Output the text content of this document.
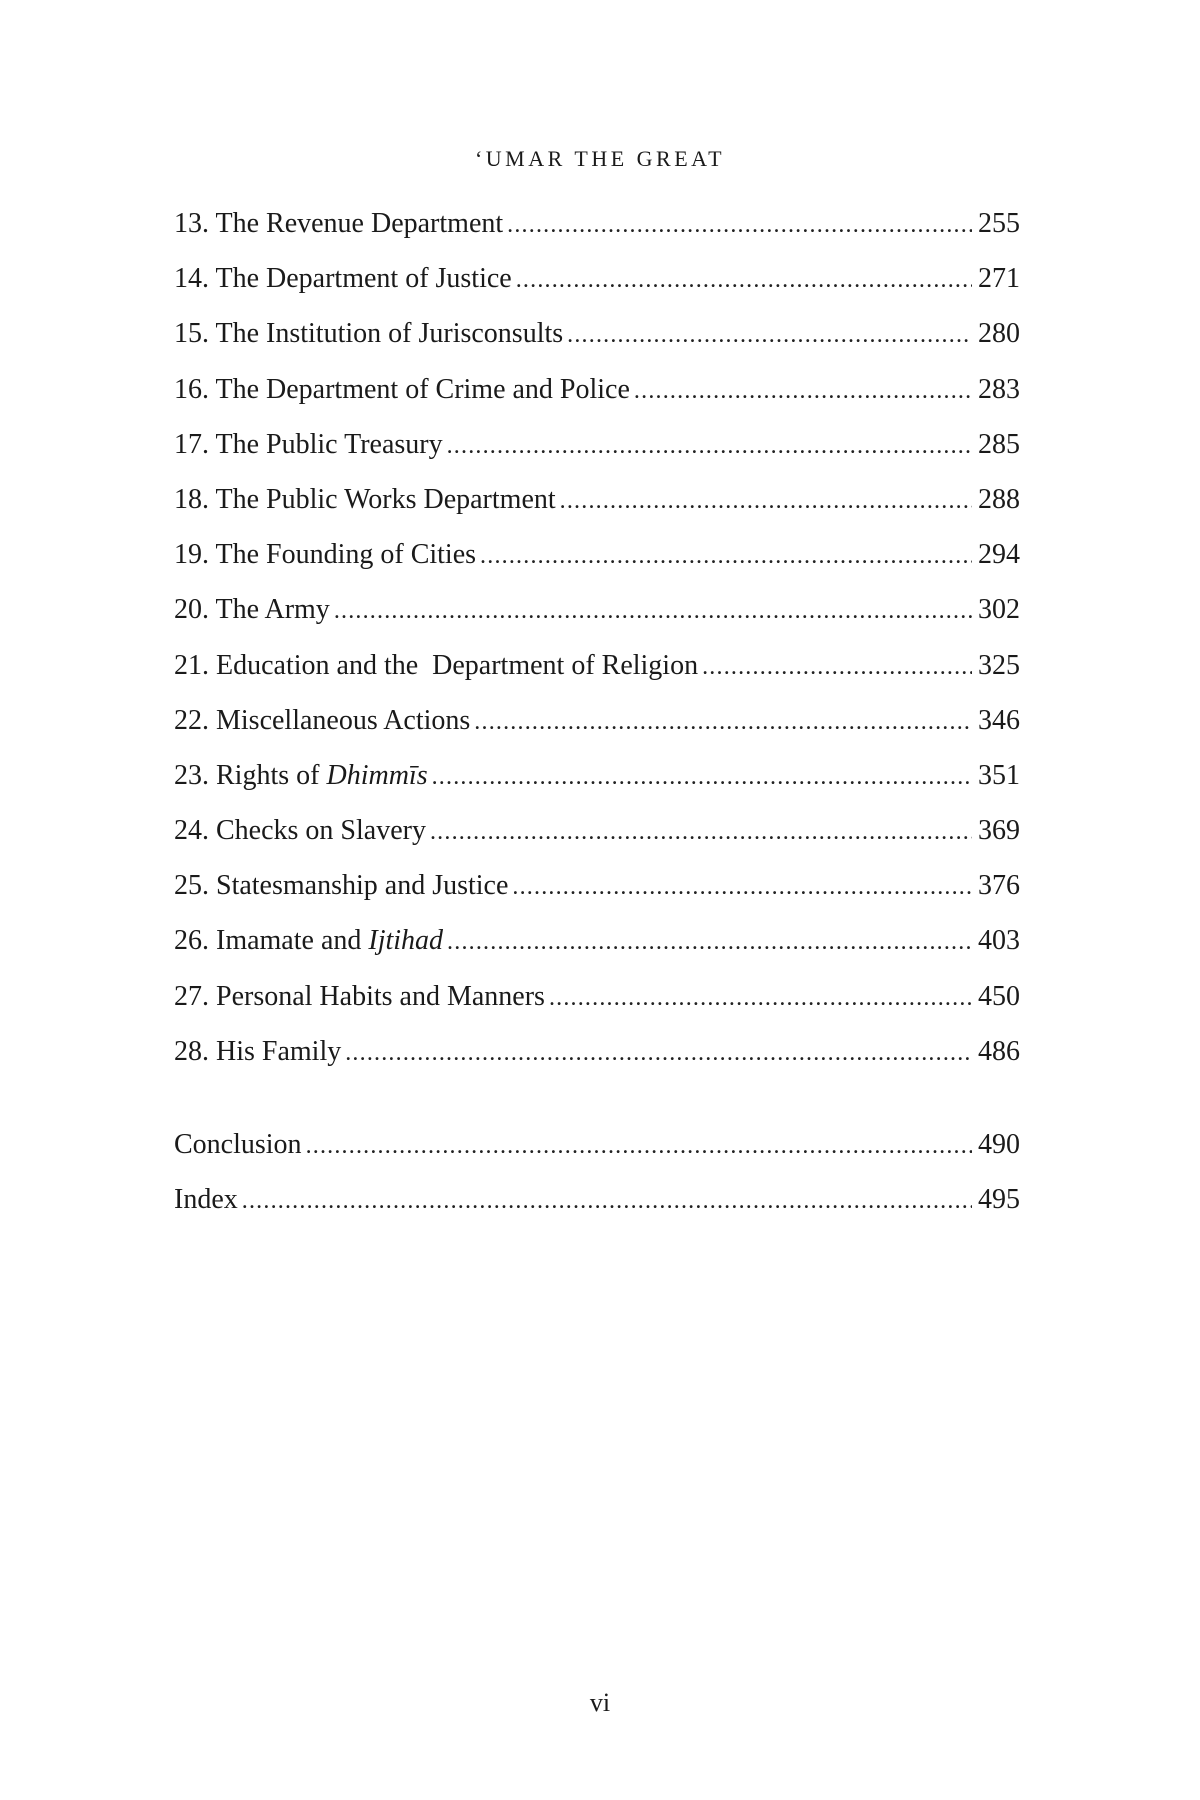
‘UMAR THE GREAT
13. The Revenue Department .....	255
14. The Department of Justice .....	271
15. The Institution of Jurisconsults .....	280
16. The Department of Crime and Police .....	283
17. The Public Treasury .....	285
18. The Public Works Department .....	288
19. The Founding of Cities .....	294
20. The Army .....	302
21. Education and the  Department of Religion .....	325
22. Miscellaneous Actions .....	346
23. Rights of Dhimmīs .....	351
24. Checks on Slavery .....	369
25. Statesmanship and Justice .....	376
26. Imamate and Ijtihad .....	403
27. Personal Habits and Manners .....	450
28. His Family .....	486
Conclusion .....	490
Index .....	495
vi
